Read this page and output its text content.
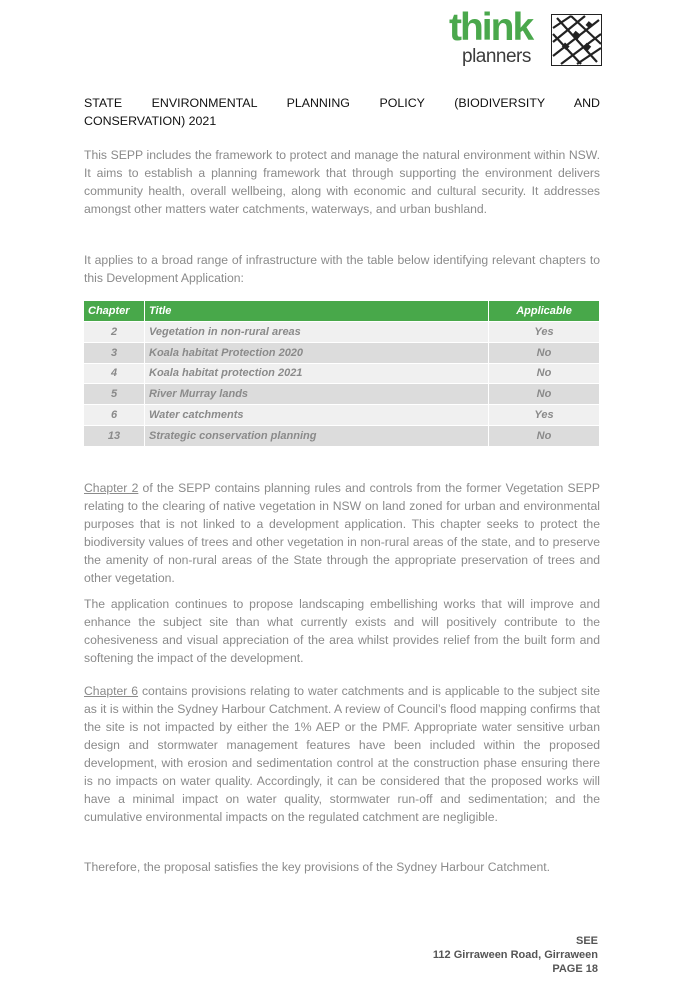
think
planners
STATE ENVIRONMENTAL PLANNING POLICY (BIODIVERSITY AND
CONSERVATION) 2021

This SEPP includes the framework to protect and manage the natural environment within NSW. It aims to establish a planning framework that through supporting the environment delivers community health, overall wellbeing, along with economic and cultural security. It addresses amongst other matters water catchments, waterways, and urban bushland.

It applies to a broad range of infrastructure with the table below identifying relevant chapters to this Development Application:

Chapter	Title	Applicable
2	Vegetation in non-rural areas	Yes
3	Koala habitat Protection 2020	No
4	Koala habitat protection 2021	No
5	River Murray lands	No
6	Water catchments	Yes
13	Strategic conservation planning	No

Chapter 2 of the SEPP contains planning rules and controls from the former Vegetation SEPP relating to the clearing of native vegetation in NSW on land zoned for urban and environmental purposes that is not linked to a development application. This chapter seeks to protect the biodiversity values of trees and other vegetation in non-rural areas of the state, and to preserve the amenity of non-rural areas of the State through the appropriate preservation of trees and other vegetation.

The application continues to propose landscaping embellishing works that will improve and enhance the subject site than what currently exists and will positively contribute to the cohesiveness and visual appreciation of the area whilst provides relief from the built form and softening the impact of the development.

Chapter 6 contains provisions relating to water catchments and is applicable to the subject site as it is within the Sydney Harbour Catchment. A review of Council’s flood mapping confirms that the site is not impacted by either the 1% AEP or the PMF. Appropriate water sensitive urban design and stormwater management features have been included within the proposed development, with erosion and sedimentation control at the construction phase ensuring there is no impacts on water quality. Accordingly, it can be considered that the proposed works will have a minimal impact on water quality, stormwater run-off and sedimentation; and the cumulative environmental impacts on the regulated catchment are negligible.

Therefore, the proposal satisfies the key provisions of the Sydney Harbour Catchment.

SEE
112 Girraween Road, Girraween
PAGE 18
